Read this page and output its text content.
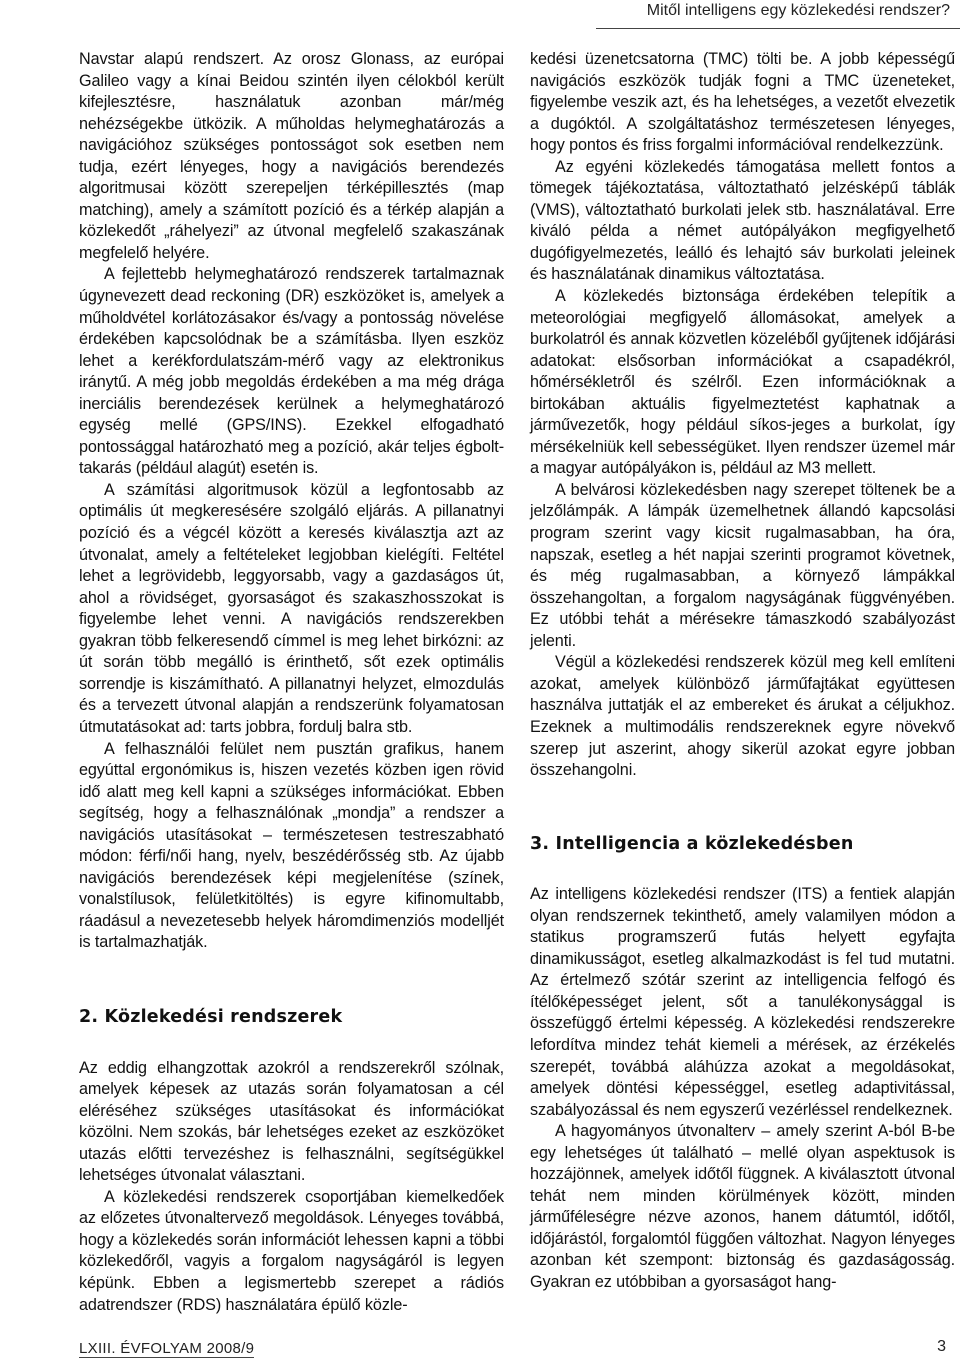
Mitől intelligens egy közlekedési rendszer?

Navstar alapú rendszert. Az orosz Glonass, az európai Galileo vagy a kínai Beidou szintén ilyen célokból került kifejlesztésre, használatuk azonban már/még nehézségekbe ütközik. A műholdas helymeghatározás a navigációhoz szükséges pontosságot sok esetben nem tudja, ezért lényeges, hogy a navigációs berendezés algoritmusai között szerepeljen térképillesztés (map matching), amely a számított pozíció és a térkép alapján a közlekedőt „ráhelyezi” az útvonal megfelelő szakaszának megfelelő helyére.

A fejlettebb helymeghatározó rendszerek tartalmaznak úgynevezett dead reckoning (DR) eszközöket is, amelyek a műholdvétel korlátozásakor és/vagy a pontosság növelése érdekében kapcsolódnak be a számításba. Ilyen eszköz lehet a kerékfordulatszám-mérő vagy az elektronikus iránytű. A még jobb megoldás érdekében a ma még drága inerciális berendezések kerülnek a helymeghatározó egység mellé (GPS/INS). Ezekkel elfogadható pontossággal határozható meg a pozíció, akár teljes égbolt-takarás (például alagút) esetén is.

A számítási algoritmusok közül a legfontosabb az optimális út megkeresésére szolgáló eljárás. A pillanatnyi pozíció és a végcél között a keresés kiválasztja azt az útvonalat, amely a feltételeket legjobban kielégíti. Feltétel lehet a legrövidebb, leggyorsabb, vagy a gazdaságos út, ahol a rövidséget, gyorsaságot és szakaszhosszokat is figyelembe lehet venni. A navigációs rendszerekben gyakran több felkeresendő címmel is meg lehet birkózni: az út során több megálló is érinthető, sőt ezek optimális sorrendje is kiszámítható. A pillanatnyi helyzet, elmozdulás és a tervezett útvonal alapján a rendszerünk folyamatosan útmutatásokat ad: tarts jobbra, fordulj balra stb.

A felhasználói felület nem pusztán grafikus, hanem egyúttal ergonómikus is, hiszen vezetés közben igen rövid idő alatt meg kell kapni a szükséges információkat. Ebben segítség, hogy a felhasználónak „mondja” a rendszer a navigációs utasításokat – természetesen testreszabható módon: férfi/női hang, nyelv, beszédérősség stb. Az újabb navigációs berendezések képi megjelenítése (színek, vonalstílusok, felületkitöltés) is egyre kifinomultabb, ráadásul a nevezetesebb helyek háromdimenziós modelljét is tartalmazhatják.

2. Közlekedési rendszerek

Az eddig elhangzottak azokról a rendszerekről szólnak, amelyek képesek az utazás során folyamatosan a cél eléréséhez szükséges utasításokat és információkat közölni. Nem szokás, bár lehetséges ezeket az eszközöket utazás előtti tervezéshez is felhasználni, segítségükkel lehetséges útvonalat választani.

A közlekedési rendszerek csoportjában kiemelkedőek az előzetes útvonaltervező megoldások. Lényeges továbbá, hogy a közlekedés során információt lehessen kapni a többi közlekedőről, vagyis a forgalom nagyságáról is legyen képünk. Ebben a legismertebb szerepet a rádiós adatrendszer (RDS) használatára épülő közle-

kedési üzenetcsatorna (TMC) tölti be. A jobb képességű navigációs eszközök tudják fogni a TMC üzeneteket, figyelembe veszik azt, és ha lehetséges, a vezetőt elvezetik a dugóktól. A szolgáltatáshoz természetesen lényeges, hogy pontos és friss forgalmi információval rendelkezzünk.

Az egyéni közlekedés támogatása mellett fontos a tömegek tájékoztatása, változtatható jelzésképű táblák (VMS), változtatható burkolati jelek stb. használatával. Erre kiváló példa a német autópályákon megfigyelhető dugófigyelmezetés, leálló és lehajtó sáv burkolati jeleinek és használatának dinamikus változtatása.

A közlekedés biztonsága érdekében telepítik a meteorológiai megfigyelő állomásokat, amelyek a burkolatról és annak közvetlen közeléből gyűjtenek időjárási adatokat: elsősorban információkat a csapadékról, hőmérsékletről és szélről. Ezen információknak a birtokában aktuális figyelmeztetést kaphatnak a járművezetők, hogy például síkos-jeges a burkolat, így mérsékelniük kell sebességüket. Ilyen rendszer üzemel már a magyar autópályákon is, például az M3 mellett.

A belvárosi közlekedésben nagy szerepet töltenek be a jelzőlámpák. A lámpák üzemelhetnek állandó kapcsolási program szerint vagy kicsit rugalmasabban, ha óra, napszak, esetleg a hét napjai szerinti programot követnek, és még rugalmasabban, a környező lámpákkal összehangoltan, a forgalom nagyságának függvényében. Ez utóbbi tehát a mérésekre támaszkodó szabályozást jelenti.

Végül a közlekedési rendszerek közül meg kell említeni azokat, amelyek különböző járműfajtákat együttesen használva juttatják el az embereket és árukat a céljukhoz. Ezeknek a multimodális rendszereknek egyre növekvő szerep jut aszerint, ahogy sikerül azokat egyre jobban összehangolni.

3. Intelligencia a közlekedésben

Az intelligens közlekedési rendszer (ITS) a fentiek alapján olyan rendszernek tekinthető, amely valamilyen módon a statikus programszerű futás helyett egyfajta dinamikusságot, esetleg alkalmazkodást is fel tud mutatni. Az értelmező szótár szerint az intelligencia felfogó és ítélőképességet jelent, sőt a tanulékonysággal is összefüggő értelmi képesség. A közlekedési rendszerekre lefordítva mindez tehát kiemeli a mérések, az érzékelés szerepét, továbbá aláhúzza azokat a megoldásokat, amelyek döntési képességgel, esetleg adaptivitással, szabályozással és nem egyszerű vezérléssel rendelkeznek.

A hagyományos útvonalterv – amely szerint A-ból B-be egy lehetséges út található – mellé olyan aspektusok is hozzájönnek, amelyek időtől függnek. A kiválasztott útvonal tehát nem minden körülmények között, minden járműféleségre nézve azonos, hanem dátumtól, időtől, időjárástól, forgalomtól függően változhat. Nagyon lényeges azonban két szempont: biztonság és gazdaságosság. Gyakran ez utóbbiban a gyorsaságot hang-

LXIII. ÉVFOLYAM 2008/9	3
